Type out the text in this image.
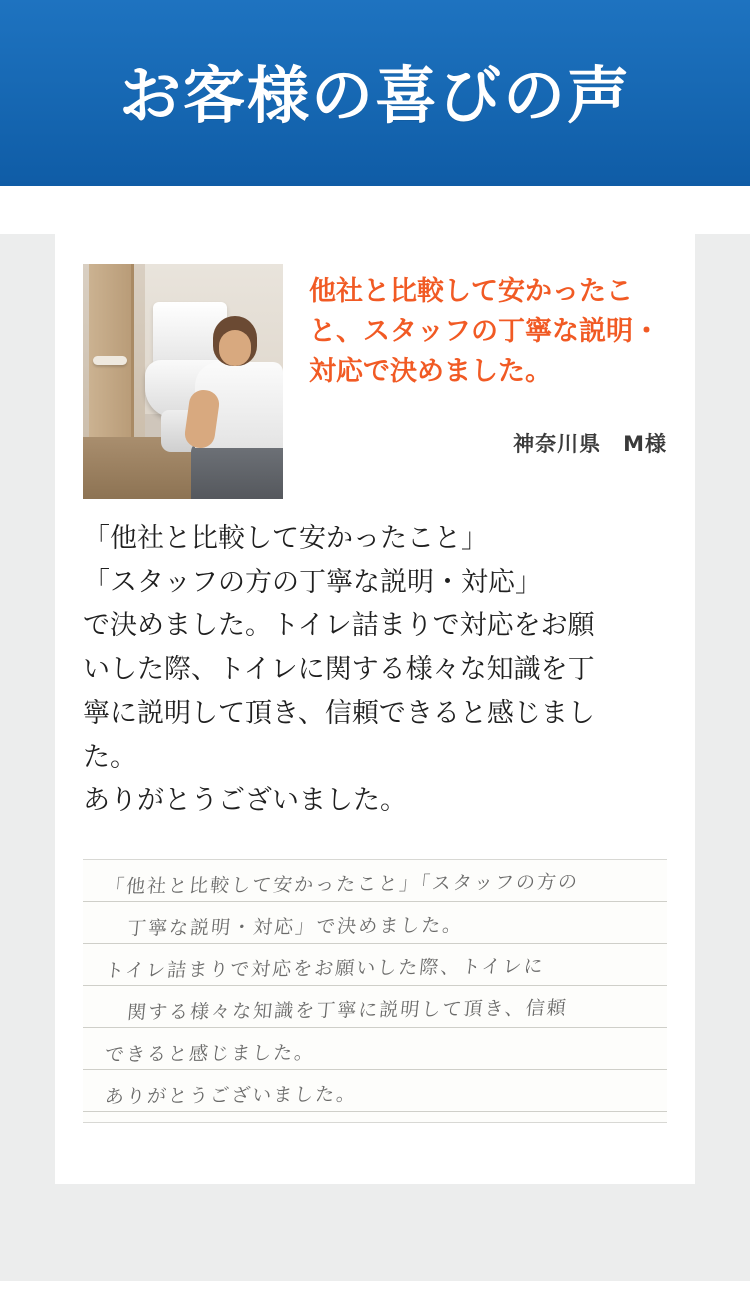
お客様の喜びの声
他社と比較して安かったこと、スタッフの丁寧な説明・対応で決めました。
神奈川県　M様

「他社と比較して安かったこと」

「スタッフの方の丁寧な説明・対応」

で決めました。トイレ詰まりで対応をお願

いした際、トイレに関する様々な知識を丁

寧に説明して頂き、信頼できると感じまし

た。

ありがとうございました。

「他社と比較して安かったこと」「スタッフの方の
丁寧な説明・対応」で決めました。
トイレ詰まりで対応をお願いした際、トイレに
関する様々な知識を丁寧に説明して頂き、信頼
できると感じました。
ありがとうございました。
